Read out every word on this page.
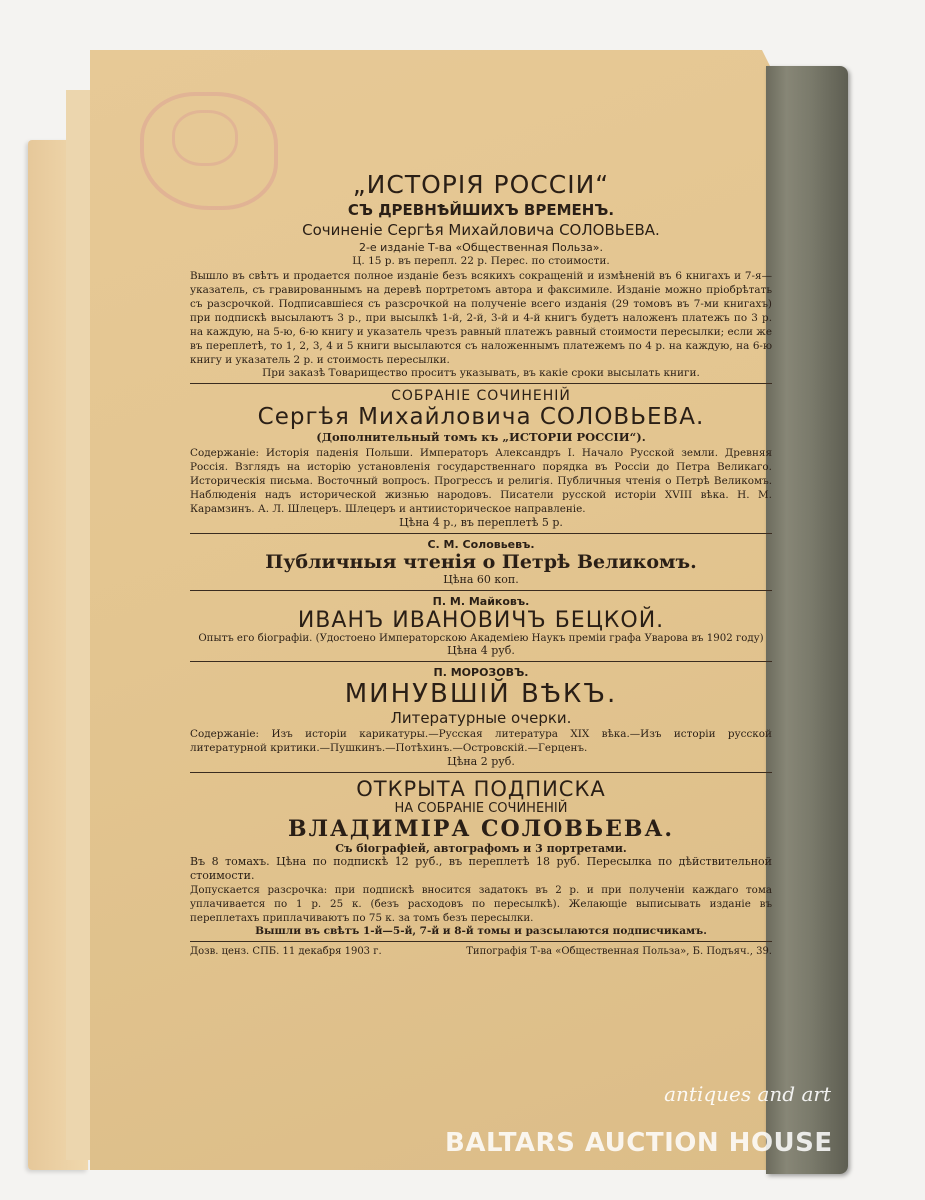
„ИСТОРІЯ РОССІИ“

СЪ ДРЕВНѢЙШИХЪ ВРЕМЕНЪ.

Сочиненіе Сергѣя Михайловича СОЛОВЬЕВА.

2-е изданіе Т-ва «Общественная Польза».

Ц. 15 р. въ перепл. 22 р. Перес. по стоимости.

Вышло въ свѣтъ и продается полное изданіе безъ всякихъ сокращеній и измѣненій въ 6 книгахъ и 7-я—указатель, съ гравированнымъ на деревѣ портретомъ автора и факсимиле. Изданіе можно пріобрѣтать съ разсрочкой. Подписавшіеся съ разсрочкой на полученіе всего изданія (29 томовъ въ 7-ми книгахъ) при подпискѣ высылаютъ 3 р., при высылкѣ 1-й, 2-й, 3-й и 4-й книгъ будетъ наложенъ платежъ по 3 р. на каждую, на 5-ю, 6-ю книгу и указатель чрезъ равный платежъ равный стоимости пересылки; если же въ переплетѣ, то 1, 2, 3, 4 и 5 книги высылаются съ наложеннымъ платежемъ по 4 р. на каждую, на 6-ю книгу и указатель 2 р. и стоимость пересылки.

При заказѣ Товарищество проситъ указывать, въ какіе сроки высылать книги.

СОБРАНІЕ СОЧИНЕНІЙ

Сергѣя Михайловича СОЛОВЬЕВА.

(Дополнительный томъ къ „ИСТОРІИ РОССІИ“).

Содержаніе: Исторія паденія Польши. Императоръ Александръ I. Начало Русской земли. Древняя Россія. Взглядъ на исторію установленія государственнаго порядка въ Россіи до Петра Великаго. Историческія письма. Восточный вопросъ. Прогрессъ и религія. Публичныя чтенія о Петрѣ Великомъ. Наблюденія надъ исторической жизнью народовъ. Писатели русской исторіи XVIII вѣка. Н. М. Карамзинъ. А. Л. Шлецеръ. Шлецеръ и антиисторическое направленіе.

Цѣна 4 р., въ переплетѣ 5 р.

С. М. Соловьевъ.

Публичныя чтенія о Петрѣ Великомъ.

Цѣна 60 коп.

П. М. Майковъ.

ИВАНЪ ИВАНОВИЧЪ БЕЦКОЙ.

Опытъ его біографіи. (Удостоено Императорскою Академіею Наукъ преміи графа Уварова въ 1902 году)

Цѣна 4 руб.

П. МОРОЗОВЪ.

МИНУВШІЙ ВѢКЪ.

Литературные очерки.

Содержаніе: Изъ исторіи карикатуры.—Русская литература XIX вѣка.—Изъ исторіи русской литературной критики.—Пушкинъ.—Потѣхинъ.—Островскій.—Герценъ.

Цѣна 2 руб.

ОТКРЫТА ПОДПИСКА

НА СОБРАНІЕ СОЧИНЕНІЙ

ВЛАДИМІРА СОЛОВЬЕВА.

Съ біографіей, автографомъ и 3 портретами.

Въ 8 томахъ. Цѣна по подпискѣ 12 руб., въ переплетѣ 18 руб. Пересылка по дѣйствительной стоимости.

Допускается разсрочка: при подпискѣ вносится задатокъ въ 2 р. и при полученіи каждаго тома уплачивается по 1 р. 25 к. (безъ расходовъ по пересылкѣ). Желающіе выписывать изданіе въ переплетахъ приплачиваютъ по 75 к. за томъ безъ пересылки.

Вышли въ свѣтъ 1-й—5-й, 7-й и 8-й томы и разсылаются подписчикамъ.

Дозв. ценз. СПБ. 11 декабря 1903 г.	Типографія Т-ва «Общественная Польза», Б. Подъяч., 39.
antiques and art
BALTARS AUCTION HOUSE
